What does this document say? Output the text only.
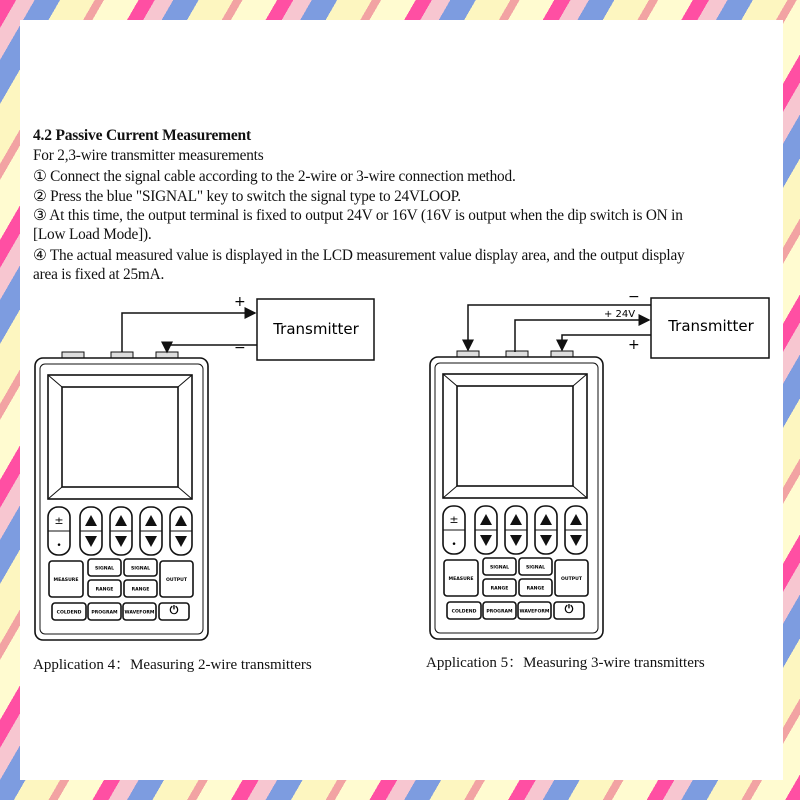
4.2 Passive Current Measurement
For 2,3-wire transmitter measurements
① Connect the signal cable according to the 2-wire or 3-wire connection method.
② Press the blue "SIGNAL" key to switch the signal type to 24VLOOP.
③ At this time, the output terminal is fixed to output 24V or 16V (16V is output when the dip switch is ON in
[Low Load Mode]).
④ The actual measured value is displayed in the LCD measurement value display area, and the output display
area is fixed at 25mA.
±
•
MEASURE
SIGNAL	SIGNAL
RANGE	RANGE
OUTPUT
COLDEND PROGRAM WAVEFORM ⏻
±
•
MEASURE
SIGNAL	SIGNAL
RANGE	RANGE
OUTPUT
COLDEND PROGRAM WAVEFORM ⏻
Transmitter
+
−
Transmitter
−
+ 24V
+
Application 4：Measuring 2-wire transmitters	Application 5：Measuring 3-wire transmitters
